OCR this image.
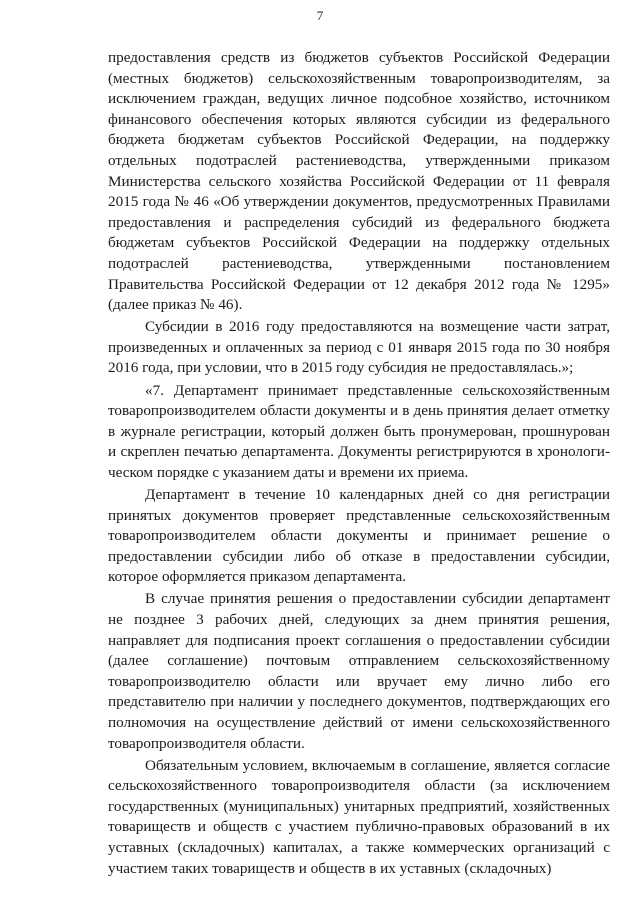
7

предоставления средств из бюджетов субъектов Российской Федерации (местных бюджетов) сельскохозяйственным товаропроизводителям, за исключением граждан, ведущих личное подсобное хозяйство, источником финансового обеспечения которых являются субсидии из федерального бюджета бюджетам субъектов Российской Федерации, на поддержку отдельных подотраслей растениеводства, утвержденными приказом Министерства сельского хозяйства Российской Федерации от 11 февраля 2015 года № 46 «Об утверждении документов, предусмотренных Правилами предоставления и распределения субсидий из федерального бюджета бюджетам субъектов Российской Федерации на поддержку отдельных подотраслей растениеводства, утвержденными постановлением Правительства Российской Федерации от 12 декабря 2012 года № 1295» (далее приказ № 46).

Субсидии в 2016 году предоставляются на возмещение части затрат, произведенных и оплаченных за период с 01 января 2015 года по 30 ноября 2016 года, при условии, что в 2015 году субсидия не предоставлялась.»;

«7. Департамент принимает представленные сельскохозяйственным товаропроизводителем области документы и в день принятия делает отметку в журнале регистрации, который должен быть пронумерован, прошнурован и скреплен печатью департамента. Документы регистрируются в хронологическом порядке с указанием даты и времени их приема.

Департамент в течение 10 календарных дней со дня регистрации принятых документов проверяет представленные сельскохозяйственным товаропроизводителем области документы и принимает решение о предоставлении субсидии либо об отказе в предоставлении субсидии, которое оформляется приказом департамента.

В случае принятия решения о предоставлении субсидии департамент не позднее 3 рабочих дней, следующих за днем принятия решения, направляет для подписания проект соглашения о предоставлении субсидии (далее соглашение) почтовым отправлением сельскохозяйственному товаропроизводителю области или вручает ему лично либо его представителю при наличии у последнего документов, подтверждающих его полномочия на осуществление действий от имени сельскохозяйственного товаропроизводителя области.

Обязательным условием, включаемым в соглашение, является согласие сельскохозяйственного товаропроизводителя области (за исключением государственных (муниципальных) унитарных предприятий, хозяйственных товариществ и обществ с участием публично-правовых образований в их уставных (складочных) капиталах, а также коммерческих организаций с участием таких товариществ и обществ в их уставных (складочных)
